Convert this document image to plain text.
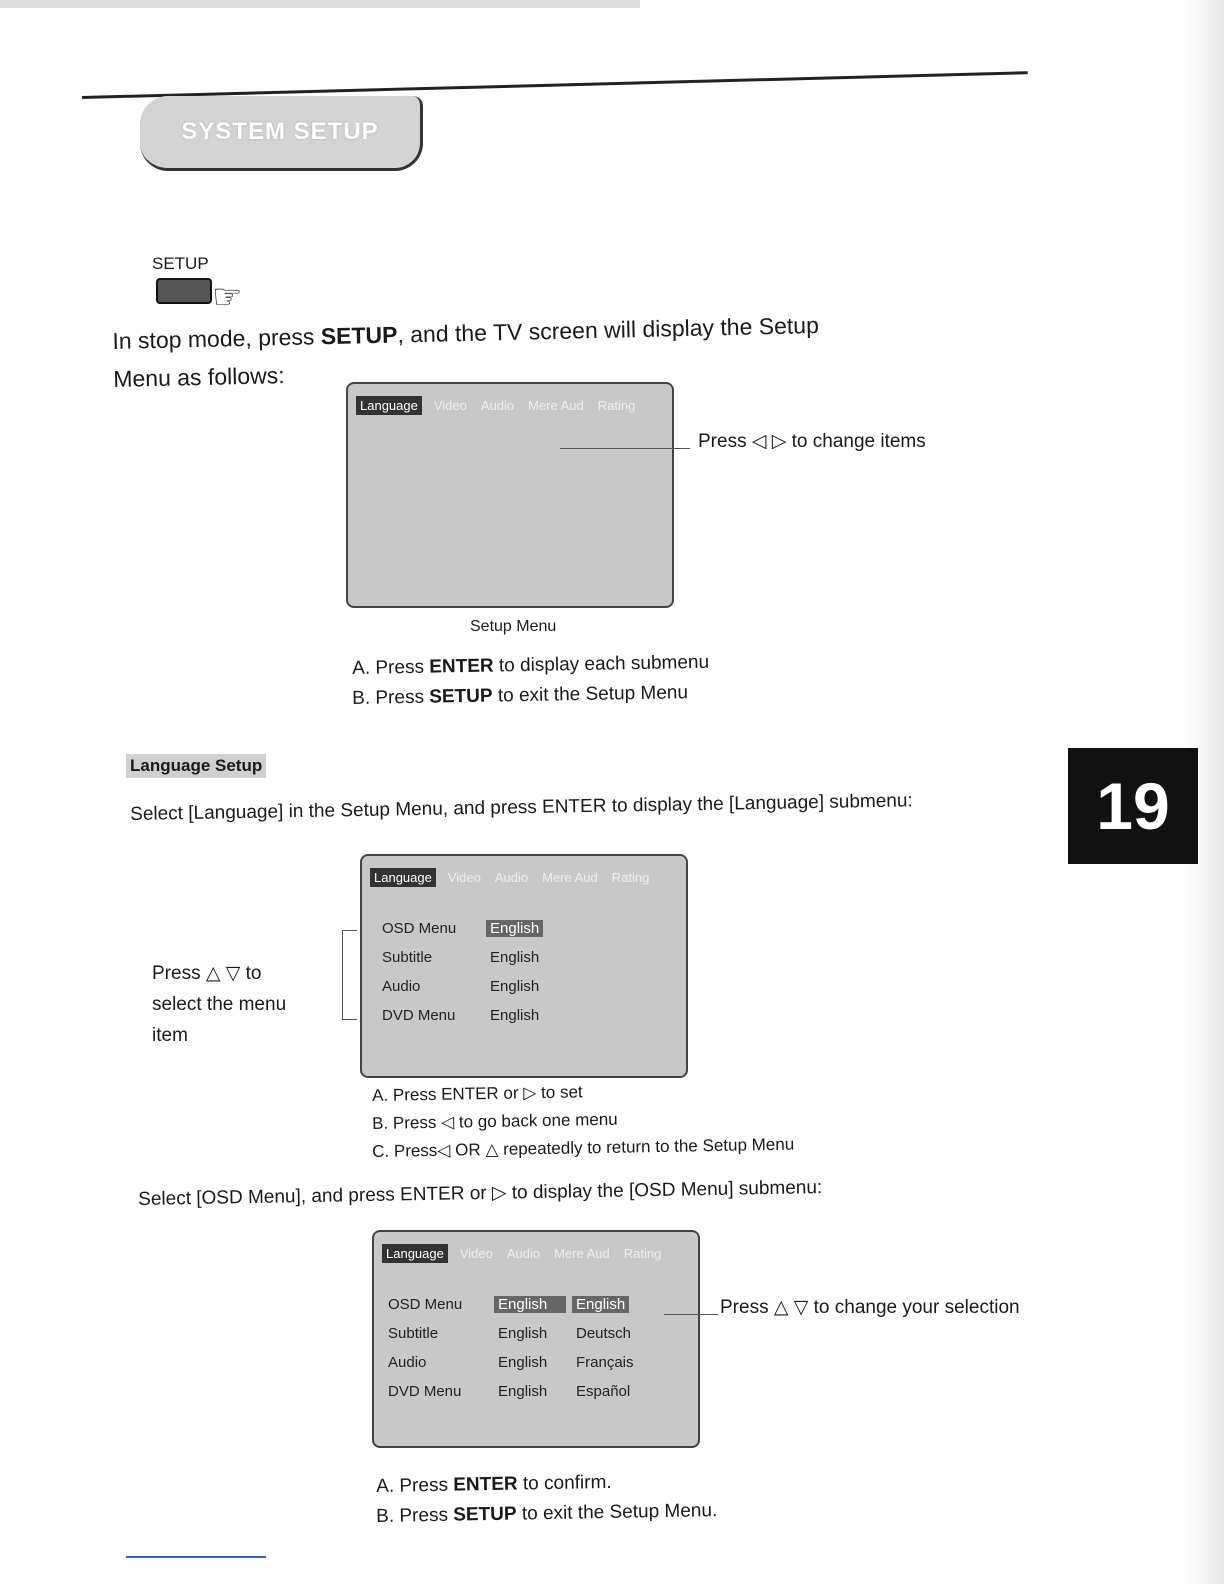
SYSTEM SETUP
SETUP
☞
In stop mode, press SETUP, and the TV screen will display the Setup
Menu as follows:
Language	Video Audio Mere Aud Rating
Press ◁ ▷ to change items
Setup Menu
A. Press ENTER to display each submenu
B. Press SETUP to exit the Setup Menu
Language Setup
Select [Language] in the Setup Menu, and press ENTER to display the [Language] submenu:	19
Language	Video Audio Mere Aud Rating
OSD Menu English
Subtitle	English
Audio	English
DVD Menu English
Press △ ▽ to
select the menu
item
A. Press ENTER or ▷ to set
B. Press ◁ to go back one menu
C. Press◁ OR △ repeatedly to return to the Setup Menu
Select [OSD Menu], and press ENTER or ▷ to display the [OSD Menu] submenu:
Language	Video Audio Mere Aud Rating
OSD Menu English English
Subtitle	English Deutsch
Audio	English Français
DVD Menu English Español
Press △ ▽ to change your selection
A. Press ENTER to confirm.
B. Press SETUP to exit the Setup Menu.
